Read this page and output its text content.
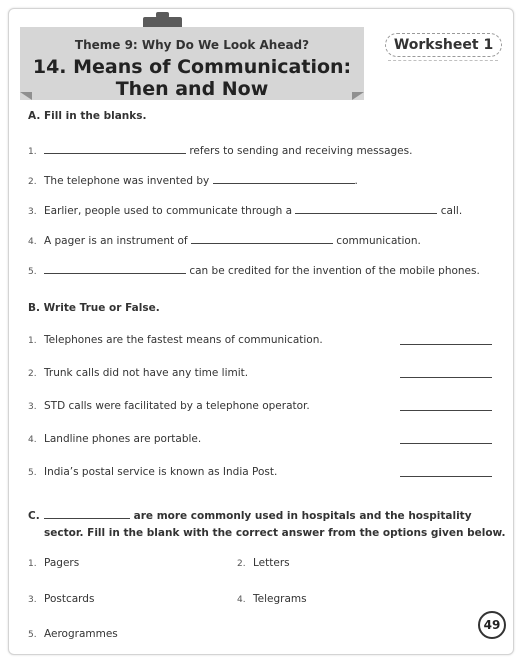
Theme 9: Why Do We Look Ahead?
14. Means of Communication:
Then and Now
Worksheet 1
A. Fill in the blanks.
1.	refers to sending and receiving messages.
2. The telephone was invented by	.
3. Earlier, people used to communicate through a	call.
4. A pager is an instrument of	communication.
5.	can be credited for the invention of the mobile phones.
B. Write True or False.
1. Telephones are the fastest means of communication.
2. Trunk calls did not have any time limit.
3. STD calls were facilitated by a telephone operator.
4. Landline phones are portable.
5. India’s postal service is known as India Post.
C.	are more commonly used in hospitals and the hospitality
sector. Fill in the blank with the correct answer from the options given below.
1. Pagers	2. Letters
3. Postcards	4. Telegrams
5. Aerogrammes
49
